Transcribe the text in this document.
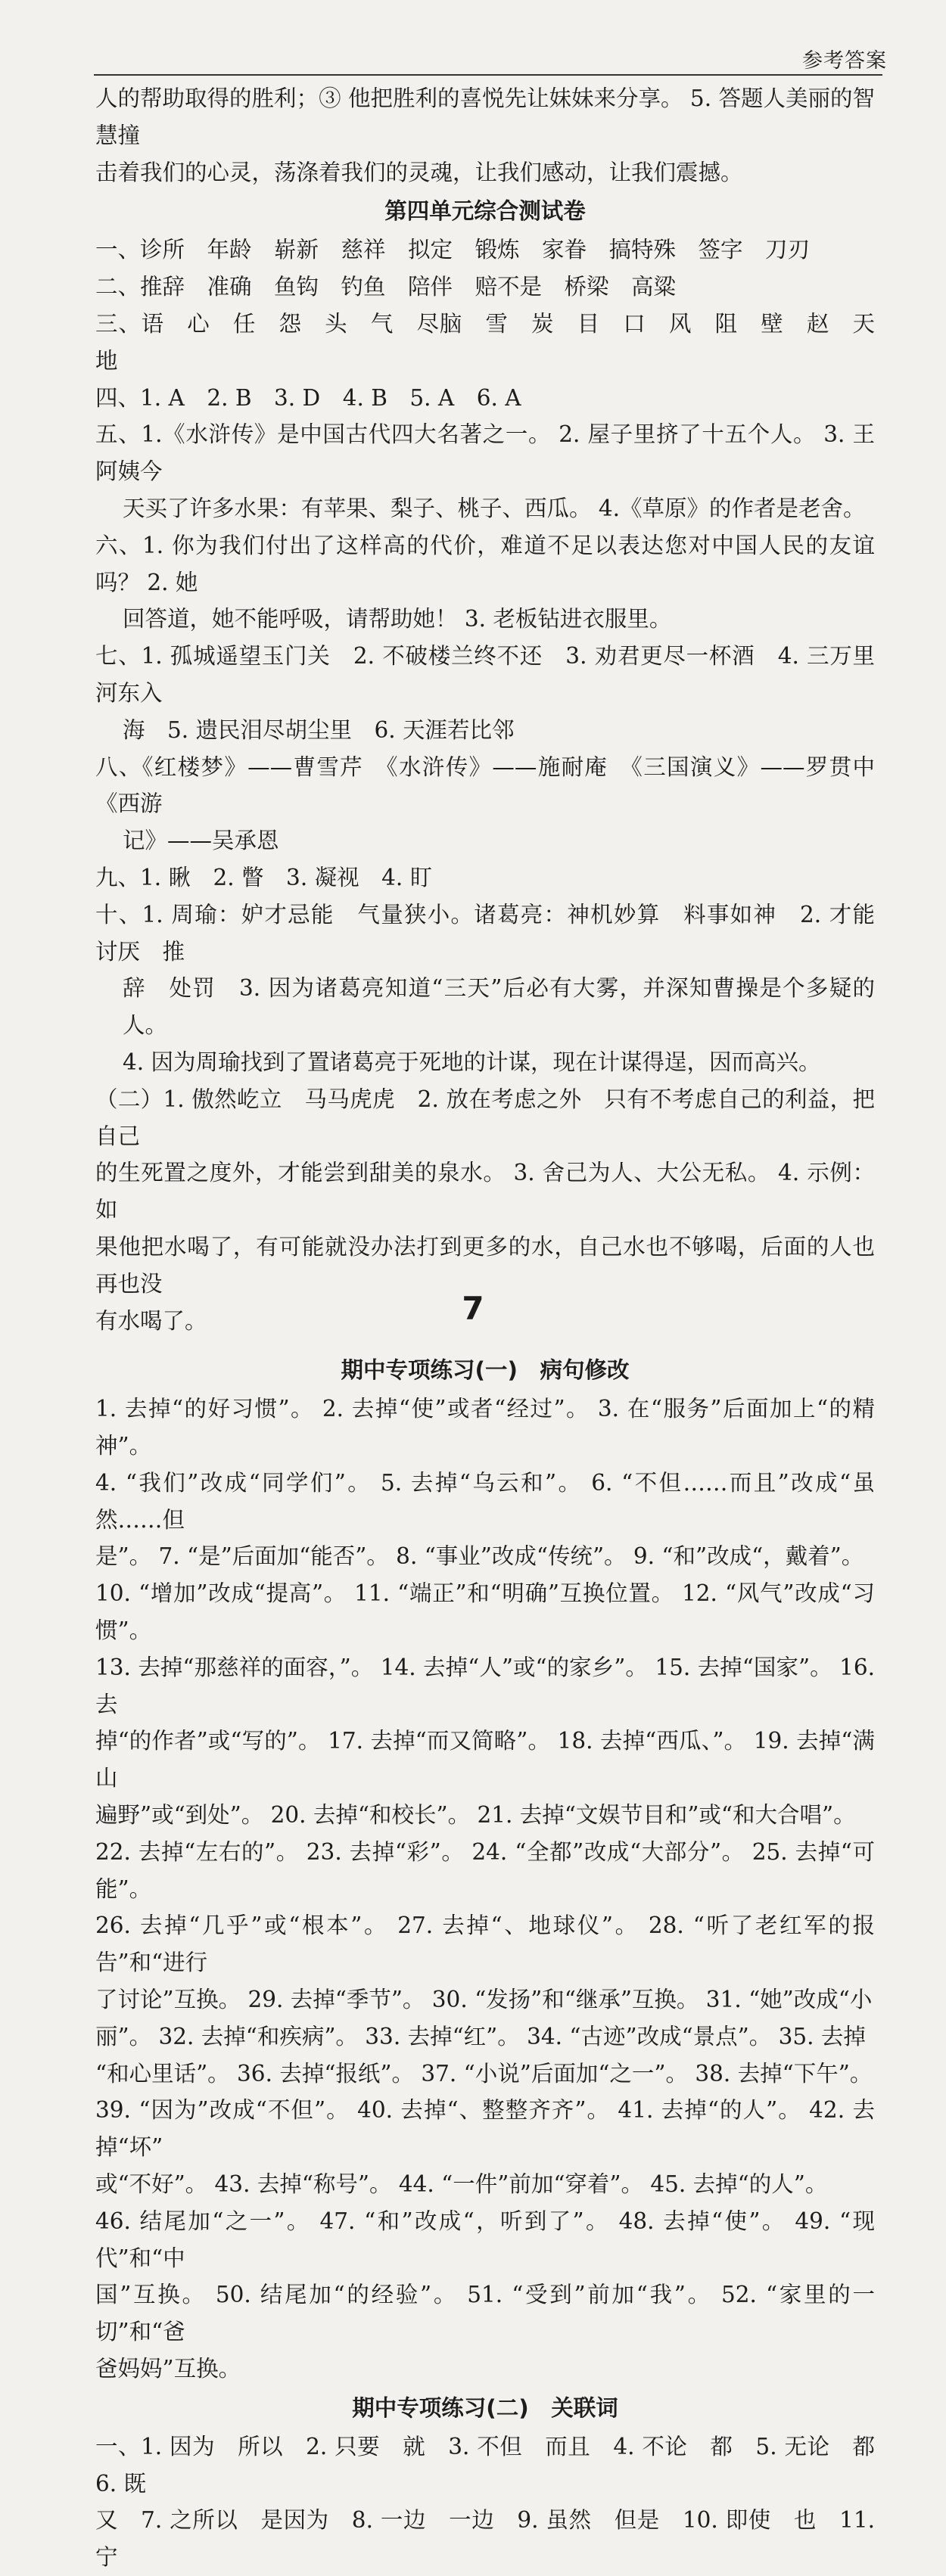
参考答案

人的帮助取得的胜利；③ 他把胜利的喜悦先让妹妹来分享。 5. 答题人美丽的智慧撞

击着我们的心灵，荡涤着我们的灵魂，让我们感动，让我们震撼。

第四单元综合测试卷

一、诊所　年龄　崭新　慈祥　拟定　锻炼　家眷　搞特殊　签字　刀刃

二、推辞　准确　鱼钩　钓鱼　陪伴　赔不是　桥梁　高粱

三、语　心　任　怨　头　气　尽脑　雪　炭　目　口　风　阻　壁　赵　天　地

四、1. A　2. B　3. D　4. B　5. A　6. A

五、1.《水浒传》是中国古代四大名著之一。 2. 屋子里挤了十五个人。 3. 王阿姨今

天买了许多水果：有苹果、梨子、桃子、西瓜。 4.《草原》的作者是老舍。

六、1. 你为我们付出了这样高的代价，难道不足以表达您对中国人民的友谊吗？ 2. 她

回答道，她不能呼吸，请帮助她！ 3. 老板钻进衣服里。

七、1. 孤城遥望玉门关　2. 不破楼兰终不还　3. 劝君更尽一杯酒　4. 三万里河东入

海　5. 遗民泪尽胡尘里　6. 天涯若比邻

八、《红楼梦》——曹雪芹　《水浒传》——施耐庵　《三国演义》——罗贯中　《西游

记》——吴承恩

九、1. 瞅　2. 瞥　3. 凝视　4. 盯

十、1. 周瑜：妒才忌能　气量狭小。诸葛亮：神机妙算　料事如神　2. 才能　讨厌　推

辞　处罚　3. 因为诸葛亮知道“三天”后必有大雾，并深知曹操是个多疑的人。

4. 因为周瑜找到了置诸葛亮于死地的计谋，现在计谋得逞，因而高兴。

（二）1. 傲然屹立　马马虎虎　2. 放在考虑之外　只有不考虑自己的利益，把自己

的生死置之度外，才能尝到甜美的泉水。 3. 舍己为人、大公无私。 4. 示例：如

果他把水喝了，有可能就没办法打到更多的水，自己水也不够喝，后面的人也再也没

有水喝了。

期中专项练习(一)　病句修改

1. 去掉“的好习惯”。 2. 去掉“使”或者“经过”。 3. 在“服务”后面加上“的精神”。

4. “我们”改成“同学们”。 5. 去掉“乌云和”。 6. “不但……而且”改成“虽然……但

是”。 7. “是”后面加“能否”。 8. “事业”改成“传统”。 9. “和”改成“，戴着”。

10. “增加”改成“提高”。 11. “端正”和“明确”互换位置。 12. “风气”改成“习惯”。

13. 去掉“那慈祥的面容，”。 14. 去掉“人”或“的家乡”。 15. 去掉“国家”。 16. 去

掉“的作者”或“写的”。 17. 去掉“而又简略”。 18. 去掉“西瓜、”。 19. 去掉“满山

遍野”或“到处”。 20. 去掉“和校长”。 21. 去掉“文娱节目和”或“和大合唱”。

22. 去掉“左右的”。 23. 去掉“彩”。 24. “全都”改成“大部分”。 25. 去掉“可能”。

26. 去掉“几乎”或“根本”。 27. 去掉“、地球仪”。 28. “听了老红军的报告”和“进行

了讨论”互换。 29. 去掉“季节”。 30. “发扬”和“继承”互换。 31. “她”改成“小

丽”。 32. 去掉“和疾病”。 33. 去掉“红”。 34. “古迹”改成“景点”。 35. 去掉

“和心里话”。 36. 去掉“报纸”。 37. “小说”后面加“之一”。 38. 去掉“下午”。

39. “因为”改成“不但”。 40. 去掉“、整整齐齐”。 41. 去掉“的人”。 42. 去掉“坏”

或“不好”。 43. 去掉“称号”。 44. “一件”前加“穿着”。 45. 去掉“的人”。

46. 结尾加“之一”。 47. “和”改成“，听到了”。 48. 去掉“使”。 49. “现代”和“中

国”互换。 50. 结尾加“的经验”。 51. “受到”前加“我”。 52. “家里的一切”和“爸

爸妈妈”互换。

期中专项练习(二)　关联词

一、1. 因为　所以　2. 只要　就　3. 不但　而且　4. 不论　都　5. 无论　都　6. 既

又　7. 之所以　是因为　8. 一边　一边　9. 虽然　但是　10. 即使　也　11. 宁

7
